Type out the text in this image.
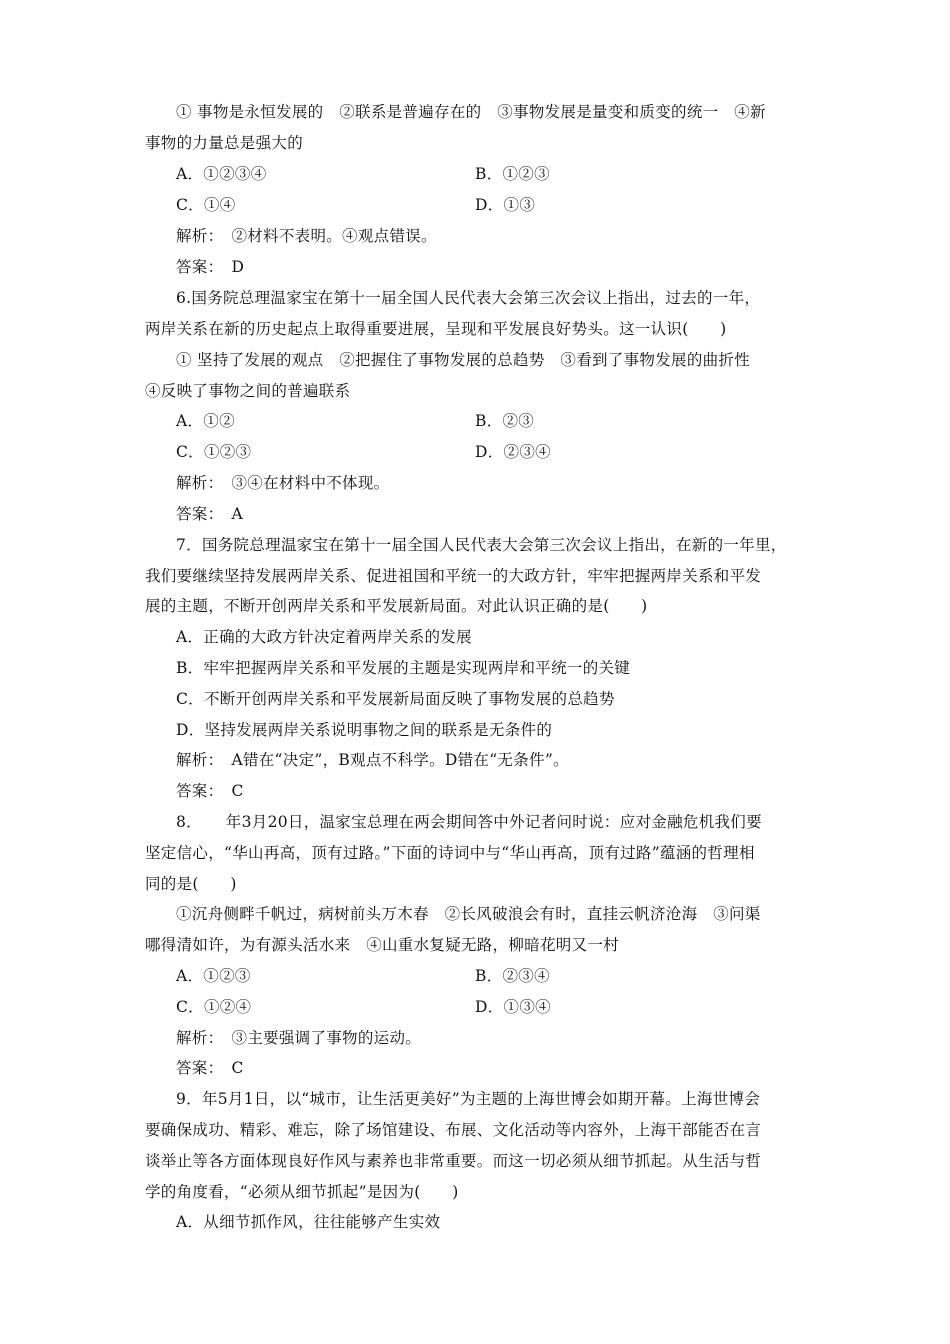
① 事物是永恒发展的　②联系是普遍存在的　③事物发展是量变和质变的统一　④新
事物的力量总是强大的
A．①②③④	B．①②③
C．①④	D．①③
解析：　②材料不表明。④观点错误。
答案：　D
6.国务院总理温家宝在第十一届全国人民代表大会第三次会议上指出，过去的一年，
两岸关系在新的历史起点上取得重要进展，呈现和平发展良好势头。这一认识(　　)
① 坚持了发展的观点　②把握住了事物发展的总趋势　③看到了事物发展的曲折性
④反映了事物之间的普遍联系
A．①②	B．②③
C．①②③	D．②③④
解析：　③④在材料中不体现。
答案：　A
7．国务院总理温家宝在第十一届全国人民代表大会第三次会议上指出，在新的一年里，
我们要继续坚持发展两岸关系、促进祖国和平统一的大政方针，牢牢把握两岸关系和平发
展的主题，不断开创两岸关系和平发展新局面。对此认识正确的是(　　)
A．正确的大政方针决定着两岸关系的发展
B．牢牢把握两岸关系和平发展的主题是实现两岸和平统一的关键
C．不断开创两岸关系和平发展新局面反映了事物发展的总趋势
D．坚持发展两岸关系说明事物之间的联系是无条件的
解析：　A错在“决定”，B观点不科学。D错在“无条件”。
答案：　C
8．　　年3月20日，温家宝总理在两会期间答中外记者问时说：应对金融危机我们要
坚定信心，“华山再高，顶有过路。”下面的诗词中与“华山再高，顶有过路”蕴涵的哲理相
同的是(　　)
①沉舟侧畔千帆过，病树前头万木春　②长风破浪会有时，直挂云帆济沧海　③问渠
哪得清如许，为有源头活水来　④山重水复疑无路，柳暗花明又一村
A．①②③	B．②③④
C．①②④	D．①③④
解析：　③主要强调了事物的运动。
答案：　C
9．年5月1日，以“城市，让生活更美好”为主题的上海世博会如期开幕。上海世博会
要确保成功、精彩、难忘，除了场馆建设、布展、文化活动等内容外，上海干部能否在言
谈举止等各方面体现良好作风与素养也非常重要。而这一切必须从细节抓起。从生活与哲
学的角度看，“必须从细节抓起”是因为(　　)
A．从细节抓作风，往往能够产生实效
